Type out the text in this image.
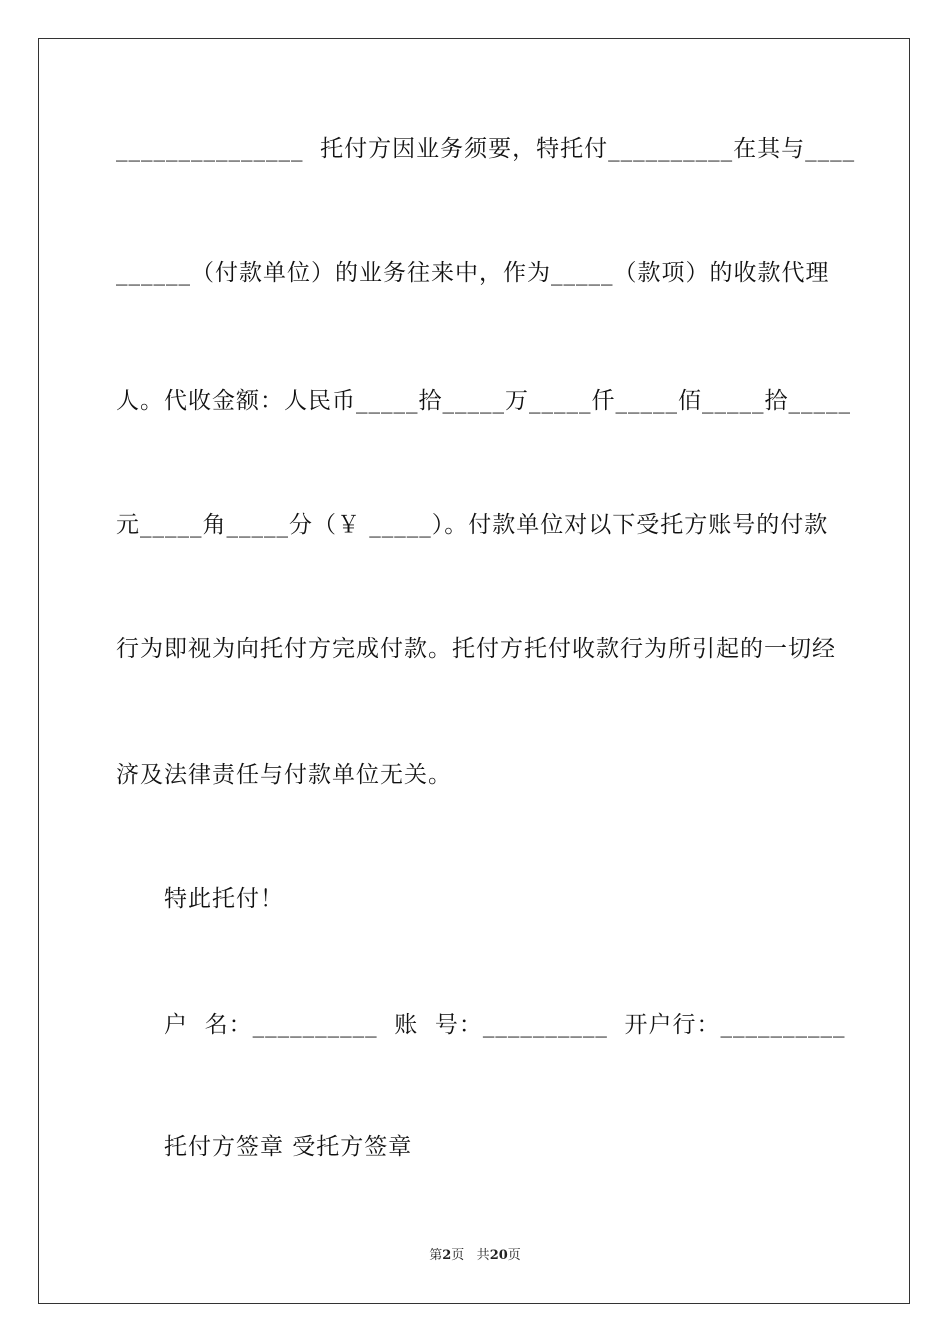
_______________  托付方因业务须要，特托付__________在其与____
______（付款单位）的业务往来中，作为_____（款项）的收款代理
人。代收金额：人民币_____拾_____万_____仟_____佰_____拾_____
元_____角_____分（￥ _____）。付款单位对以下受托方账号的付款
行为即视为向托付方完成付款。托付方托付收款行为所引起的一切经
济及法律责任与付款单位无关。
特此托付！
户  名：__________  账  号：__________  开户行：__________
托付方签章 受托方签章
第2页 共20页
